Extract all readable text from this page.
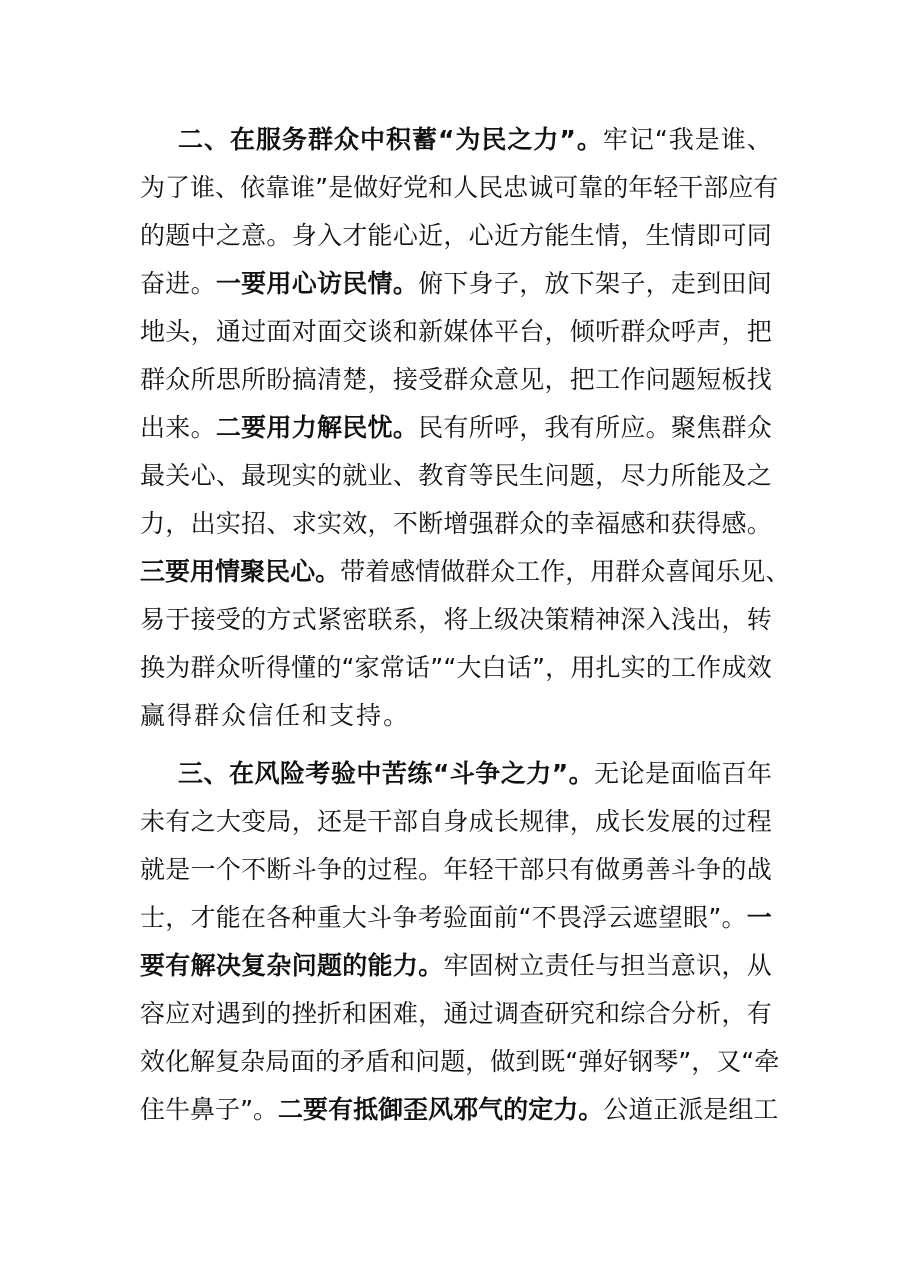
二 、 在 服 务 群 众 中 积 蓄 “ 为 民 之 力 ” 。 牢 记 “ 我 是 谁 、
为 了 谁 、 依 靠 谁 ” 是 做 好 党 和 人 民 忠 诚 可 靠 的 年 轻 干 部 应 有
的 题 中 之 意 。 身 入 才 能 心 近 ， 心 近 方 能 生 情 ， 生 情 即 可 同
奋 进 。 一 要 用 心 访 民 情 。 俯 下 身 子 ， 放 下 架 子 ， 走 到 田 间
地 头 ， 通 过 面 对 面 交 谈 和 新 媒 体 平 台 ， 倾 听 群 众 呼 声 ， 把
群 众 所 思 所 盼 搞 清 楚 ， 接 受 群 众 意 见 ， 把 工 作 问 题 短 板 找
出 来 。 二 要 用 力 解 民 忧 。 民 有 所 呼 ， 我 有 所 应 。 聚 焦 群 众
最 关 心 、 最 现 实 的 就 业 、 教 育 等 民 生 问 题 ， 尽 力 所 能 及 之
力 ， 出 实 招 、 求 实 效 ， 不 断 增 强 群 众 的 幸 福 感 和 获 得 感 。
三 要 用 情 聚 民 心 。 带 着 感 情 做 群 众 工 作 ， 用 群 众 喜 闻 乐 见 、
易 于 接 受 的 方 式 紧 密 联 系 ， 将 上 级 决 策 精 神 深 入 浅 出 ， 转
换 为 群 众 听 得 懂 的 “ 家 常 话 ” “ 大 白 话 ” ， 用 扎 实 的 工 作 成 效
赢 得 群 众 信 任 和 支 持 。
三 、 在 风 险 考 验 中 苦 练 “ 斗 争 之 力 ” 。 无 论 是 面 临 百 年
未 有 之 大 变 局 ， 还 是 干 部 自 身 成 长 规 律 ， 成 长 发 展 的 过 程
就 是 一 个 不 断 斗 争 的 过 程 。 年 轻 干 部 只 有 做 勇 善 斗 争 的 战
士 ， 才 能 在 各 种 重 大 斗 争 考 验 面 前 “ 不 畏 浮 云 遮 望 眼 ” 。 一
要 有 解 决 复 杂 问 题 的 能 力 。 牢 固 树 立 责 任 与 担 当 意 识 ， 从
容 应 对 遇 到 的 挫 折 和 困 难 ， 通 过 调 查 研 究 和 综 合 分 析 ， 有
效 化 解 复 杂 局 面 的 矛 盾 和 问 题 ， 做 到 既 “ 弹 好 钢 琴 ” ， 又 “ 牵
住 牛 鼻 子 ” 。 二 要 有 抵 御 歪 风 邪 气 的 定 力 。 公 道 正 派 是 组 工
